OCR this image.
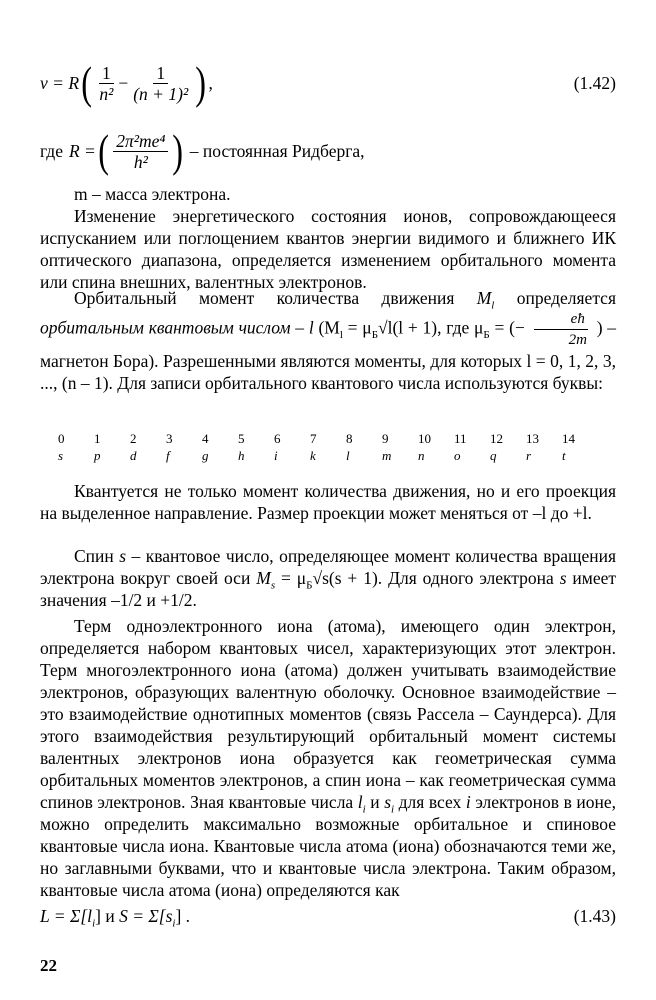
ν = R ( $\frac{1}{\text{n²}} - \frac{1}{\text{(n + 1)²}}$ ) ,	(1.42)
где R = ( $\frac{\text{2π²me⁴}}{\text{h²}}$ ) – постоянная Ридберга,
m – масса электрона.
Изменение энергетического состояния ионов, сопровождающееся испусканием или поглощением квантов энергии видимого и ближнего ИК оптического диапазона, определяется изменением орбитального момента или спина внешних, валентных электронов.
Орбитальный момент количества движения $M_l$ определяется орбитальным квантовым числом – l ($M_l = \mu_Б√l(l + 1)$, где $\mu_Б$ = (− $\frac{eħ}{2m}$ ) – магнетон Бора). Разрешенными являются моменты, для которых l = 0, 1, 2, 3, ..., (n – 1). Для записи орбитального квантового числа используются буквы:
0	1	2	3	4	5	6	7	8	9	10	11	12	13	14
s	p	d	f	g	h	i	k	l	m	n	o	q	r	t
Квантуется не только момент количества движения, но и его проекция на выделенное направление. Размер проекции может меняться от –l до +l.
Спин s – квантовое число, определяющее момент количества вращения электрона вокруг своей оси $M_s = \mu_Б√s(s + 1)$. Для одного электрона s имеет значения –1/2 и +1/2.
Терм одноэлектронного иона (атома), имеющего один электрон, определяется набором квантовых чисел, характеризующих этот электрон. Терм многоэлектронного иона (атома) должен учитывать взаимодействие электронов, образующих валентную оболочку. Основное взаимодействие – это взаимодействие однотипных моментов (связь Рассела – Саундерса). Для этого взаимодействия результирующий орбитальный момент системы валентных электронов иона образуется как геометрическая сумма орбитальных моментов электронов, а спин иона – как геометрическая сумма спинов электронов. Зная квантовые числа $l_i$ и $s_i$ для всех i электронов в ионе, можно определить максимально возможные орбитальное и спиновое квантовые числа иона. Квантовые числа атома (иона) обозначаются теми же, но заглавными буквами, что и квантовые числа электрона. Таким образом, квантовые числа атома (иона) определяются как
$L = \Sigma[l_i]$ и $S = \Sigma[s_i]$ .	(1.43)
22
